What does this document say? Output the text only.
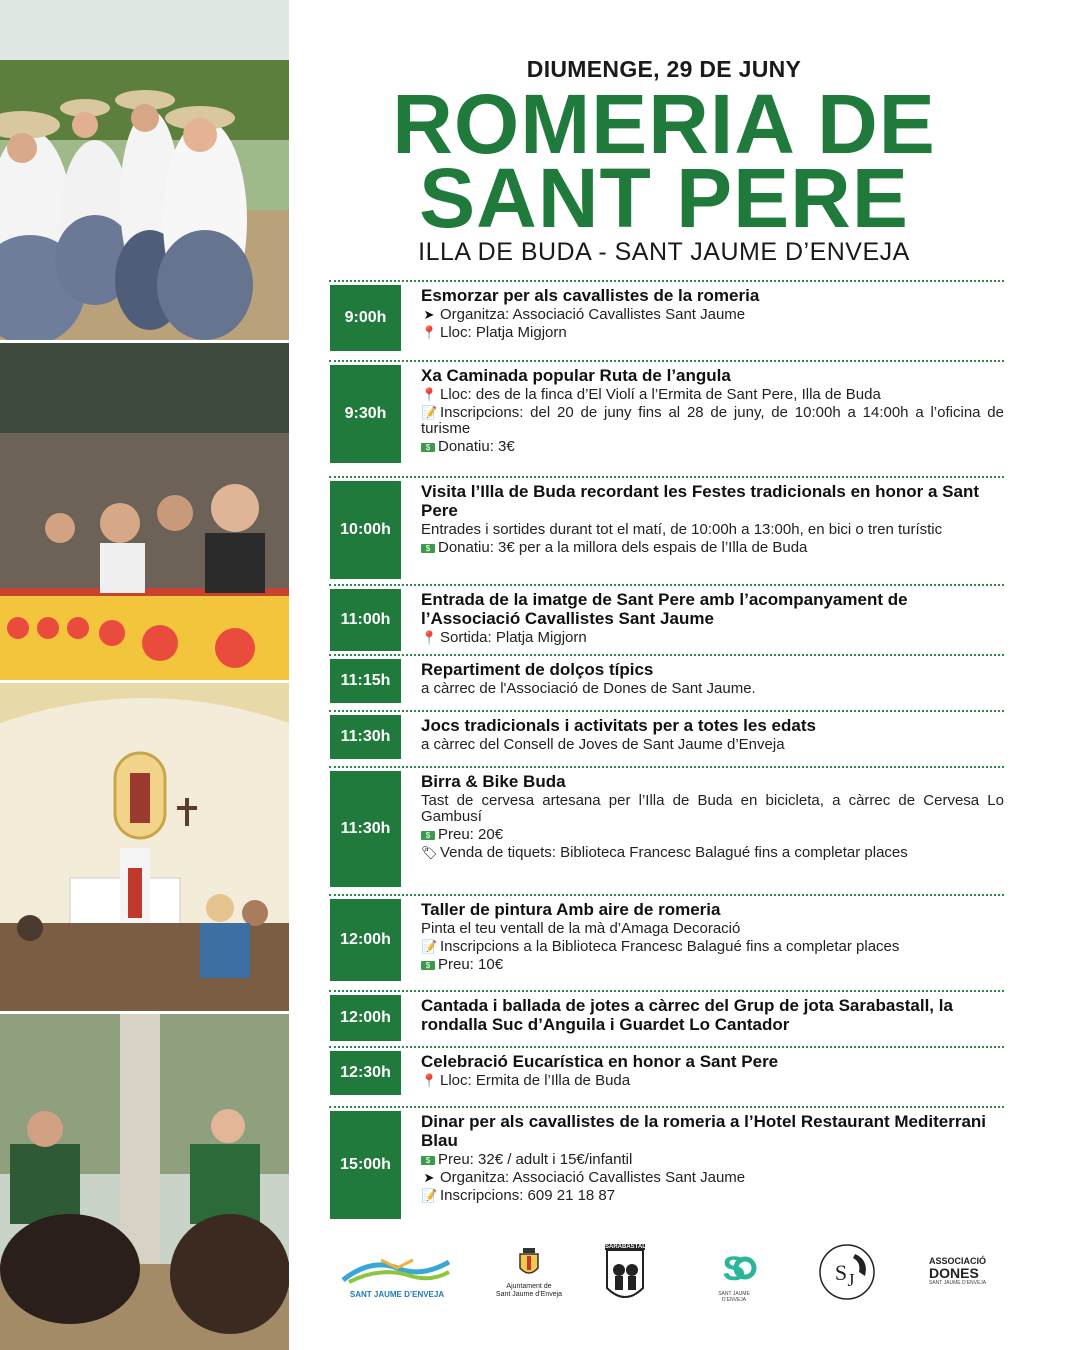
DIUMENGE, 29 DE JUNY
ROMERIA DE
SANT PERE
ILLA DE BUDA - SANT JAUME D’ENVEJA
9:00h
Esmorzar per als cavallistes de la romeria
➤ Organitza: Associació Cavallistes Sant Jaume
📍 Lloc: Platja Migjorn
9:30h
Xa Caminada popular Ruta de l’angula
📍 Lloc: des de la finca d’El Violí a l’Ermita de Sant Pere, Illa de Buda
📝 Inscripcions: del 20 de juny fins al 28 de juny, de 10:00h a 14:00h a l’oficina de turisme
$ Donatiu: 3€
10:00h
Visita l’Illa de Buda recordant les Festes tradicionals en honor a Sant Pere
Entrades i sortides durant tot el matí, de 10:00h a 13:00h, en bici o tren turístic
$ Donatiu: 3€ per a la millora dels espais de l’Illa de Buda
11:00h
Entrada de la imatge de Sant Pere amb l’acompanyament de l’Associació Cavallistes Sant Jaume
📍 Sortida: Platja Migjorn
11:15h
Repartiment de dolços típics
a càrrec de l'Associació de Dones de Sant Jaume.
11:30h
Jocs tradicionals i activitats per a totes les edats
a càrrec del Consell de Joves de Sant Jaume d’Enveja
11:30h
Birra & Bike Buda
Tast de cervesa artesana per l’Illa de Buda en bicicleta, a càrrec de Cervesa Lo Gambusí
$ Preu: 20€
🏷 Venda de tiquets: Biblioteca Francesc Balagué fins a completar places
12:00h
Taller de pintura Amb aire de romeria
Pinta el teu ventall de la mà d’Amaga Decoració
📝 Inscripcions a la Biblioteca Francesc Balagué fins a completar places
$ Preu: 10€
12:00h
Cantada i ballada de jotes a càrrec del Grup de jota Sarabastall, la rondalla Suc d’Anguila i Guardet Lo Cantador
12:30h
Celebració Eucarística en honor a Sant Pere
📍 Lloc: Ermita de l’Illa de Buda
15:00h
Dinar per als cavallistes de la romeria a l’Hotel Restaurant Mediterrani Blau
$ Preu: 32€ / adult i 15€/infantil
➤ Organitza: Associació Cavallistes Sant Jaume
📝 Inscripcions: 609 21 18 87
SANT JAUME D’ENVEJA
Ajuntament de
Sant Jaume d’Enveja
SARABASTALL
S
SANT JAUME D’ENVEJA
S J
ASSOCIACIÓ
DONES
SANT JAUME D’ENVEJA
